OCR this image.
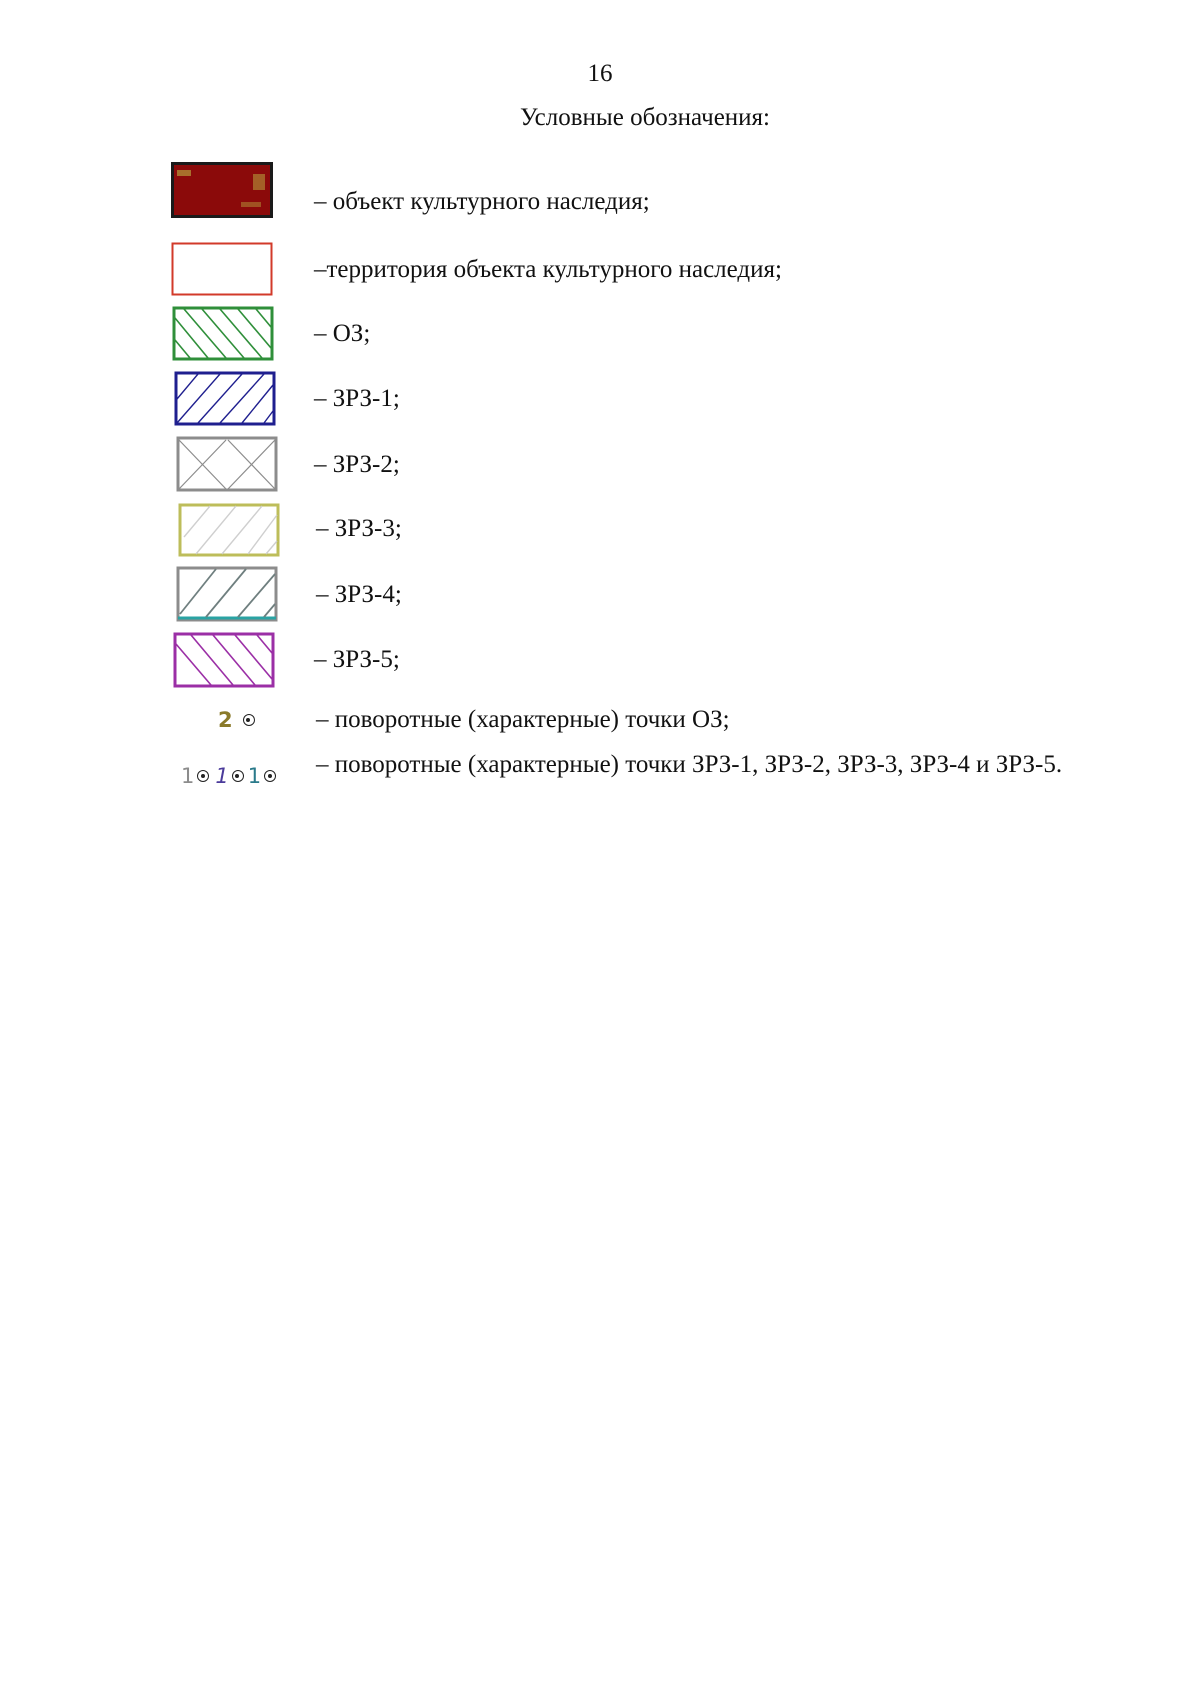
16
Условные обозначения:
– объект культурного наследия;
–территория объекта культурного наследия;
– ОЗ;
– ЗРЗ-1;
– ЗРЗ-2;
– ЗРЗ-3;
– ЗРЗ-4;
– ЗРЗ-5;
2	– поворотные (характерные) точки ОЗ;
1 1 1 – поворотные (характерные) точки ЗРЗ-1, ЗРЗ-2, ЗРЗ-3, ЗРЗ-4 и ЗРЗ-5.
